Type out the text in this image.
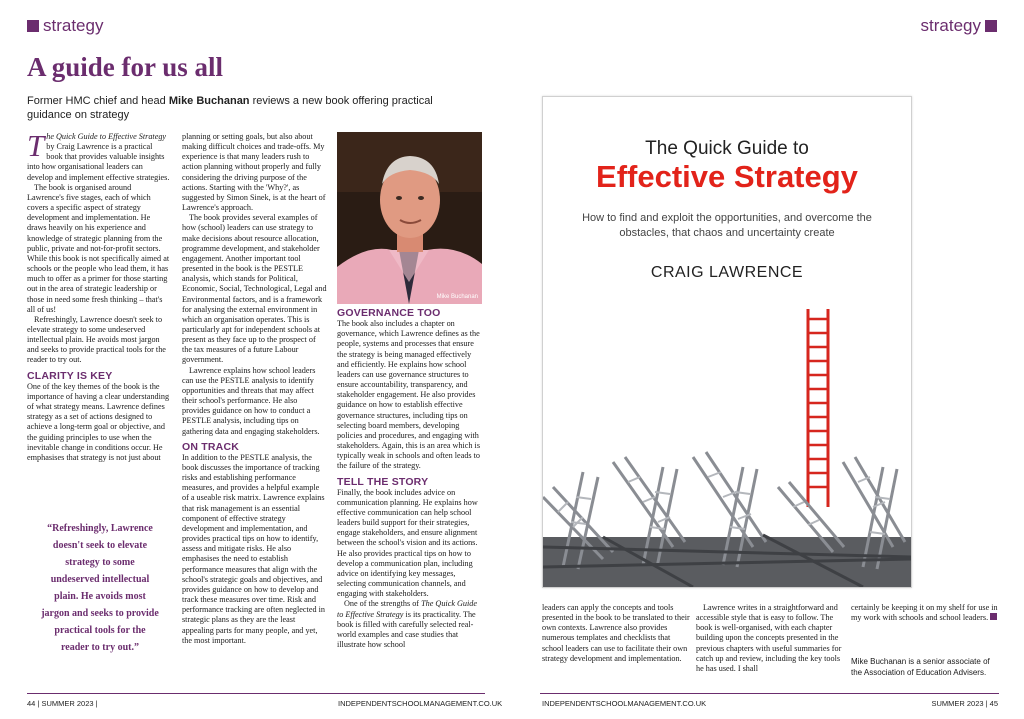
strategy
A guide for us all
Former HMC chief and head Mike Buchanan reviews a new book offering practical guidance on strategy

The Quick Guide to Effective Strategy by Craig Lawrence is a practical book that provides valuable insights into how organisational leaders can develop and implement effective strategies.

The book is organised around Lawrence's five stages, each of which covers a specific aspect of strategy development and implementation. He draws heavily on his experience and knowledge of strategic planning from the public, private and not-for-profit sectors. While this book is not specifically aimed at schools or the people who lead them, it has much to offer as a primer for those starting out in the area of strategic leadership or those in need some fresh thinking – that's all of us!

Refreshingly, Lawrence doesn't seek to elevate strategy to some undeserved intellectual plain. He avoids most jargon and seeks to provide practical tools for the reader to try out.

CLARITY IS KEY

One of the key themes of the book is the importance of having a clear understanding of what strategy means. Lawrence defines strategy as a set of actions designed to achieve a long-term goal or objective, and the guiding principles to use when the inevitable change in conditions occur. He emphasises that strategy is not just about

“Refreshingly, Lawrence doesn't seek to elevate strategy to some undeserved intellectual plain. He avoids most jargon and seeks to provide practical tools for the reader to try out.”

planning or setting goals, but also about making difficult choices and trade-offs. My experience is that many leaders rush to action planning without properly and fully considering the driving purpose of the actions. Starting with the 'Why?', as suggested by Simon Sinek, is at the heart of Lawrence's approach.

The book provides several examples of how (school) leaders can use strategy to make decisions about resource allocation, programme development, and stakeholder engagement. Another important tool presented in the book is the PESTLE analysis, which stands for Political, Economic, Social, Technological, Legal and Environmental factors, and is a framework for analysing the external environment in which an organisation operates. This is particularly apt for independent schools at present as they face up to the prospect of the tax measures of a future Labour government.

Lawrence explains how school leaders can use the PESTLE analysis to identify opportunities and threats that may affect their school's performance. He also provides guidance on how to conduct a PESTLE analysis, including tips on gathering data and engaging stakeholders.

ON TRACK

In addition to the PESTLE analysis, the book discusses the importance of tracking risks and establishing performance measures, and provides a helpful example of a useable risk matrix. Lawrence explains that risk management is an essential component of effective strategy development and implementation, and provides practical tips on how to identify, assess and mitigate risks. He also emphasises the need to establish performance measures that align with the school's strategic goals and objectives, and provides guidance on how to develop and track these measures over time. Risk and performance tracking are often neglected in strategic plans as they are the least appealing parts for many people, and yet, the most important.

Mike Buchanan
GOVERNANCE TOO

The book also includes a chapter on governance, which Lawrence defines as the people, systems and processes that ensure the strategy is being managed effectively and efficiently. He explains how school leaders can use governance structures to ensure accountability, transparency, and stakeholder engagement. He also provides guidance on how to establish effective governance structures, including tips on selecting board members, developing policies and procedures, and engaging with stakeholders. Again, this is an area which is typically weak in schools and often leads to the failure of the strategy.

TELL THE STORY

Finally, the book includes advice on communication planning. He explains how effective communication can help school leaders build support for their strategies, engage stakeholders, and ensure alignment between the school's vision and its actions. He also provides practical tips on how to develop a communication plan, including advice on identifying key messages, selecting communication channels, and engaging with stakeholders.

One of the strengths of The Quick Guide to Effective Strategy is its practicality. The book is filled with carefully selected real-world examples and case studies that illustrate how school

44 | SUMMER 2023 |	INDEPENDENTSCHOOLMANAGEMENT.CO.UK
strategy
The Quick Guide to
Effective Strategy
How to find and exploit the opportunities, and overcome the obstacles, that chaos and uncertainty create
CRAIG LAWRENCE

leaders can apply the concepts and tools presented in the book to be translated to their own contexts. Lawrence also provides numerous templates and checklists that school leaders can use to facilitate their own strategy development and implementation.

Lawrence writes in a straightforward and accessible style that is easy to follow. The book is well-organised, with each chapter building upon the concepts presented in the previous chapters with useful summaries for catch up and review, including the key tools he has used. I shall

certainly be keeping it on my shelf for use in my work with schools and school leaders.

Mike Buchanan is a senior associate of the Association of Education Advisers.
INDEPENDENTSCHOOLMANAGEMENT.CO.UK	SUMMER 2023 | 45
